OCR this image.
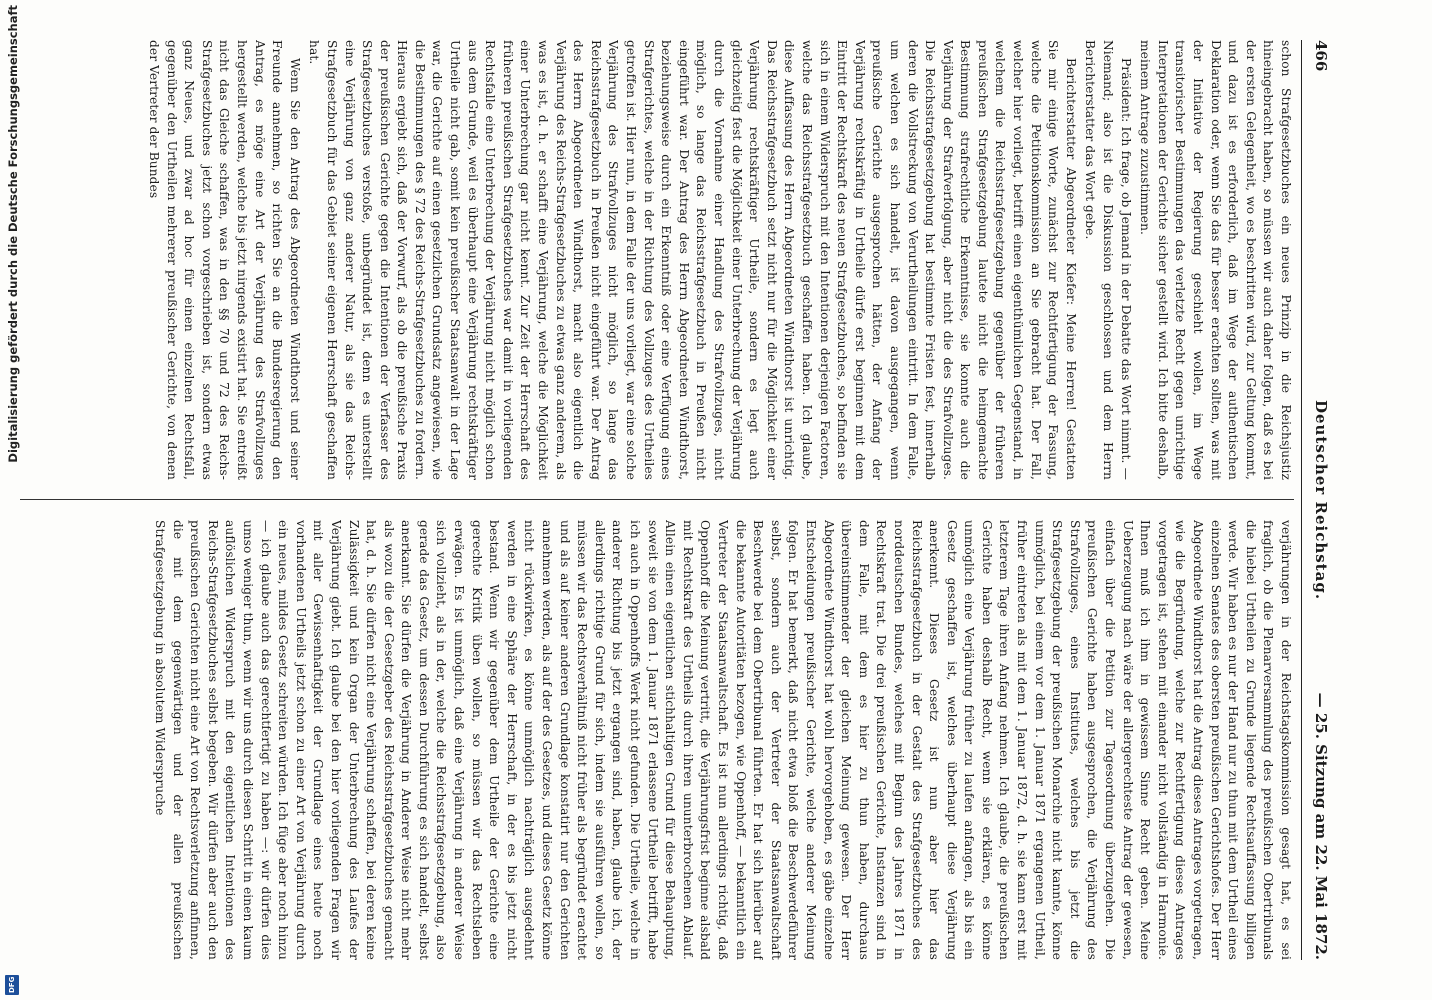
Digitalisierung gefördert durch die Deutsche Forschungsgemeinschaft
DFG
466
Deutscher Reichstag.
— 25. Sitzung am 22. Mai 1872.

schon Strafgesetzbuches ein neues Prinzip in die Reichsjustiz hineingebracht haben, so müssen wir auch daher folgen, daß es bei der ersten Gelegenheit, wo es beschritten wird, zur Geltung kommt, und dazu ist es erforderlich, daß im Wege der authentischen Deklaration oder, wenn Sie das für besser erachten sollten, was mit der Initiative der Regierung geschieht wollen, im Wege transitorischer Bestimmungen das verletzte Recht gegen unrichtige Interpretationen der Gerichte sicher gestellt wird. Ich bitte deshalb, meinem Antrage zuzustimmen.

Präsident: Ich frage, ob Jemand in der Debatte das Wort nimmt. — Niemand; also ist die Diskussion geschlossen und dem Herrn Berichterstatter das Wort gebe.

Berichterstatter Abgeordneter Kiefer: Meine Herren! Gestatten Sie mir einige Worte, zunächst zur Rechtfertigung der Fassung, welche die Petitionskommission an Sie gebracht hat. Der Fall, welcher hier vorliegt, betrifft einen eigenthümlichen Gegenstand, in welchem die Reichsstrafgesetzgebung gegenüber der früheren preußischen Strafgesetzgebung lautete nicht die heimgemachte Bestimmung strafrechtliche Erkenntnisse, sie konnte auch die Verjährung der Strafverfolgung, aber nicht die des Strafvollzuges. Die Reichsstrafgesetzgebung hat bestimmte Fristen fest, innerhalb deren die Vollstreckung von Verurtheilungen eintritt. In dem Falle, um welchen es sich handelt, ist davon ausgegangen, wenn preußische Gerichte ausgesprochen hätten, der Anfang der Verjährung rechtskräftig in Urtheile dürfe erst beginnen mit dem Eintritt der Rechtskraft des neuen Strafgesetzbuches, so befinden sie sich in einem Widerspruch mit den Intentionen derjenigen Factoren, welche das Reichsstrafgesetzbuch geschaffen haben. Ich glaube, diese Auffassung des Herrn Abgeordneten Windthorst ist unrichtig. Das Reichsstrafgesetzbuch setzt nicht nur für die Möglichkeit einer Verjährung rechtskräftiger Urtheile, sondern es legt auch gleichzeitig fest die Möglichkeit einer Unterbrechung der Verjährung durch die Vornahme einer Handlung des Strafvollzuges, nicht möglich, so lange das Reichsstrafgesetzbuch in Preußen nicht eingeführt war. Der Antrag des Herrn Abgeordneten Windthorst, beziehungsweise durch ein Erkenntniß oder eine Verfügung eines Strafgerichtes, welche in der Richtung des Vollzuges des Urtheiles getroffen ist. Hier nun, in dem Falle der uns vorliegt, war eine solche Verjährung des Strafvollzuges nicht möglich, so lange das Reichsstrafgesetzbuch in Preußen nicht eingeführt war. Der Antrag des Herrn Abgeordneten Windthorst, macht also eigentlich die Verjährung des Reichs-Strafgesetzbuches zu etwas ganz anderem, als was es ist, d. h. er schafft eine Verjährung, welche die Möglichkeit einer Unterbrechung gar nicht kennt. Zur Zeit der Herrschaft des früheren preußischen Strafgesetzbuches war damit in vorliegenden Rechtsfalle eine Unterbrechung der Verjährung nicht möglich schon aus dem Grunde, weil es überhaupt eine Verjährung rechtskräftiger Urtheile nicht gab, somit kein preußischer Staatsanwalt in der Lage war, die Gerichte auf einen gesetzlichen Grundsatz angewiesen, wie die Bestimmungen des § 72 des Reichs-Strafgesetzbuches zu fordern. Hieraus ergiebt sich, daß der Vorwurf, als ob die preußische Praxis der preußischen Gerichte gegen die Intentionen der Verfasser des Strafgesetzbuches verstoße, unbegründet ist, denn es unterstellt eine Verjährung von ganz anderer Natur, als sie das Reichs-Strafgesetzbuch für das Gebiet seiner eigenen Herrschaft geschaffen hat.

Wenn Sie den Antrag des Abgeordneten Windthorst und seiner Freunde annehmen, so richten Sie an die Bundesregierung den Antrag, es möge eine Art der Verjährung des Strafvollzuges hergestellt werden, welche bis jetzt nirgends existirt hat. Sie entreißt nicht das Gleiche schaffen, was in den §§ 70 und 72 des Reichs-Strafgesetzbuches jetzt schon vorgeschrieben ist, sondern etwas ganz Neues, und zwar ad hoc für einen einzelnen Rechtsfall, gegenüber den Urtheilen mehrerer preußischer Gerichte, von denen der Vertreter der Bundes

verjährungen in der Reichstagskommission gesagt hat, es sei fraglich, ob die Plenarversammlung des preußischen Obertribunals die hiebei Urtheilen zu Grunde liegende Rechtsauffassung billigen werde. Wir haben es nur der Hand nur zu thun mit dem Urtheil eines einzelnen Senates des obersten preußischen Gerichtshofes. Der Herr Abgeordnete Windthorst hat die Antrag dieses Antrages vorgetragen, wie die Begründung, welche zur Rechtfertigung dieses Antrages vorgetragen ist, stehen mit einander nicht vollständig in Harmonie. Ihnen muß ich ihm in gewissem Sinne Recht geben. Meine Ueberzeugung nach wäre der allergerechteste Antrag der gewesen, einfach über die Petition zur Tagesordnung überzugehen. Die preußischen Gerichte haben ausgesprochen, die Verjährung des Strafvollzuges, eines Institutes, welches bis jetzt die Strafgesetzgebung der preußischen Monarchie nicht kannte, könne unmöglich, bei einem vor dem 1. Januar 1871 ergangenen Urtheil, früher eintreten als mit dem 1. Januar 1872, d. h. sie kann erst mit letzterem Tage ihren Anfang nehmen. Ich glaube, die preußischen Gerichte haben deshalb Recht, wenn sie erklären, es könne unmöglich eine Verjährung früher zu laufen anfangen, als bis ein Gesetz geschaffen ist, welches überhaupt diese Verjährung anerkennt. Dieses Gesetz ist nun aber hier das Reichsstrafgesetzbuch in der Gestalt des Strafgesetzbuches des norddeutschen Bundes, welches mit Beginn des Jahres 1871 in Rechtskraft trat. Die drei preußischen Gerichte, Instanzen sind in dem Falle, mit dem es hier zu thun haben, durchaus übereinstimmender der gleichen Meinung gewesen. Der Herr Abgeordnete Windthorst hat wohl hervorgehoben, es gäbe einzelne Entscheidungen preußischer Gerichte, welche anderer Meinung folgen. Er hat bemerkt, daß nicht etwa bloß die Beschwerdeführer selbst, sondern auch der Vertreter der Staatsanwaltschaft Beschwerde bei dem Obertribunal führten. Er hat sich hierüber auf die bekannte Autoritäten bezogen, wie Oppenhoff, — bekanntlich ein Vertreter der Staatsanwaltschaft. Es ist nun allerdings richtig, daß Oppenhoff die Meinung vertritt, die Verjährungsfrist beginne alsbald mit Rechtskraft des Urtheils durch ihren ununterbrochenen Ablauf. Allein einen eigentlichen stichhaltigen Grund für diese Behauptung, soweit sie von dem 1. Januar 1871 erlassene Urtheile betrifft, habe ich auch in Oppenhoffs Werk nicht gefunden. Die Urtheile, welche in anderer Richtung bis jetzt ergangen sind, haben, glaube ich, der allerdings richtige Grund für sich, indem sie ausführen wollen, so müssen wir das Rechtsverhältniß nicht früher als begründet erachtet und als auf keiner anderen Grundlage konstatirt nur den Gerichten annehmen werden, als auf der des Gesetzes, und dieses Gesetz könne nicht rückwirken, es könne unmöglich nachträglich ausgedehnt werden in eine Sphäre der Herrschaft, in der es bis jetzt nicht bestand. Wenn wir gegenüber dem Urtheile der Gerichte eine gerechte Kritik üben wollen, so müssen wir das Rechtsleben erwägen. Es ist unmöglich, daß eine Verjährung in anderer Weise sich vollzieht, als in der, welche die Reichsstrafgesetzgebung, also gerade das Gesetz, um dessen Durchführung es sich handelt, selbst anerkannt. Sie dürfen die Verjährung in Anderer Weise nicht mehr als wozu die der Gesetzgeber des Reichsstrafgesetzbuches gemacht hat, d. h. Sie dürfen nicht eine Verjährung schaffen, bei deren keine Zulässigkeit und kein Organ der Unterbrechung des Laufes der Verjährung giebt. Ich glaube bei den hier vorliegenden Fragen wir mit aller Gewissenhaftigkeit der Grundlage eines heute noch vorhandenen Urtheils jetzt schon zu einer Art von Verjährung durch ein neues, mildes Gesetz schreiten würden. Ich füge aber noch hinzu — ich glaube auch das gerechtfertigt zu haben —: wir dürfen dies umso weniger thun, wenn wir uns durch diesen Schritt in einen kaum auflöslichen Widerspruch mit den eigentlichen Intentionen des Reichs-Strafgesetzbuches selbst begeben. Wir dürfen aber auch den preußischen Gerichten nicht eine Art von Rechtsverletzung anfinnen, die mit dem gegenwärtigen und der allen preußischen Strafgesetzgebung in absolutem Widerspruche
